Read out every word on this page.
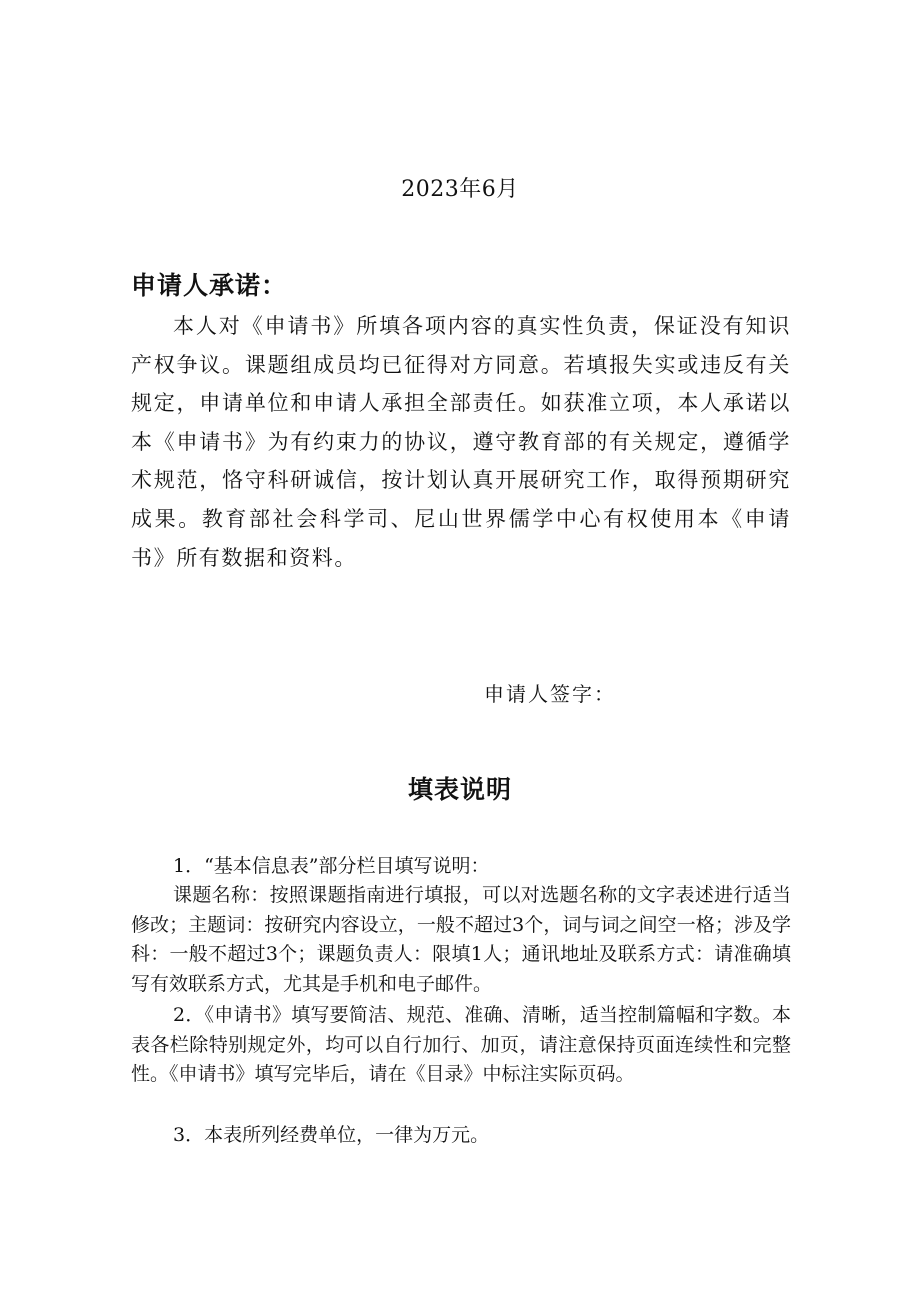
2023年6月
申请人承诺：

本人对《申请书》所填各项内容的真实性负责，保证没有知识产权争议。课题组成员均已征得对方同意。若填报失实或违反有关规定，申请单位和申请人承担全部责任。如获准立项，本人承诺以本《申请书》为有约束力的协议，遵守教育部的有关规定，遵循学术规范，恪守科研诚信，按计划认真开展研究工作，取得预期研究成果。教育部社会科学司、尼山世界儒学中心有权使用本《申请书》所有数据和资料。

申请人签字：
填表说明

1．“基本信息表”部分栏目填写说明：

课题名称：按照课题指南进行填报，可以对选题名称的文字表述进行适当修改；主题词：按研究内容设立，一般不超过3个，词与词之间空一格；涉及学科：一般不超过3个；课题负责人：限填1人；通讯地址及联系方式：请准确填写有效联系方式，尤其是手机和电子邮件。

2．《申请书》填写要简洁、规范、准确、清晰，适当控制篇幅和字数。本表各栏除特别规定外，均可以自行加行、加页，请注意保持页面连续性和完整性。《申请书》填写完毕后，请在《目录》中标注实际页码。

3．本表所列经费单位，一律为万元。
